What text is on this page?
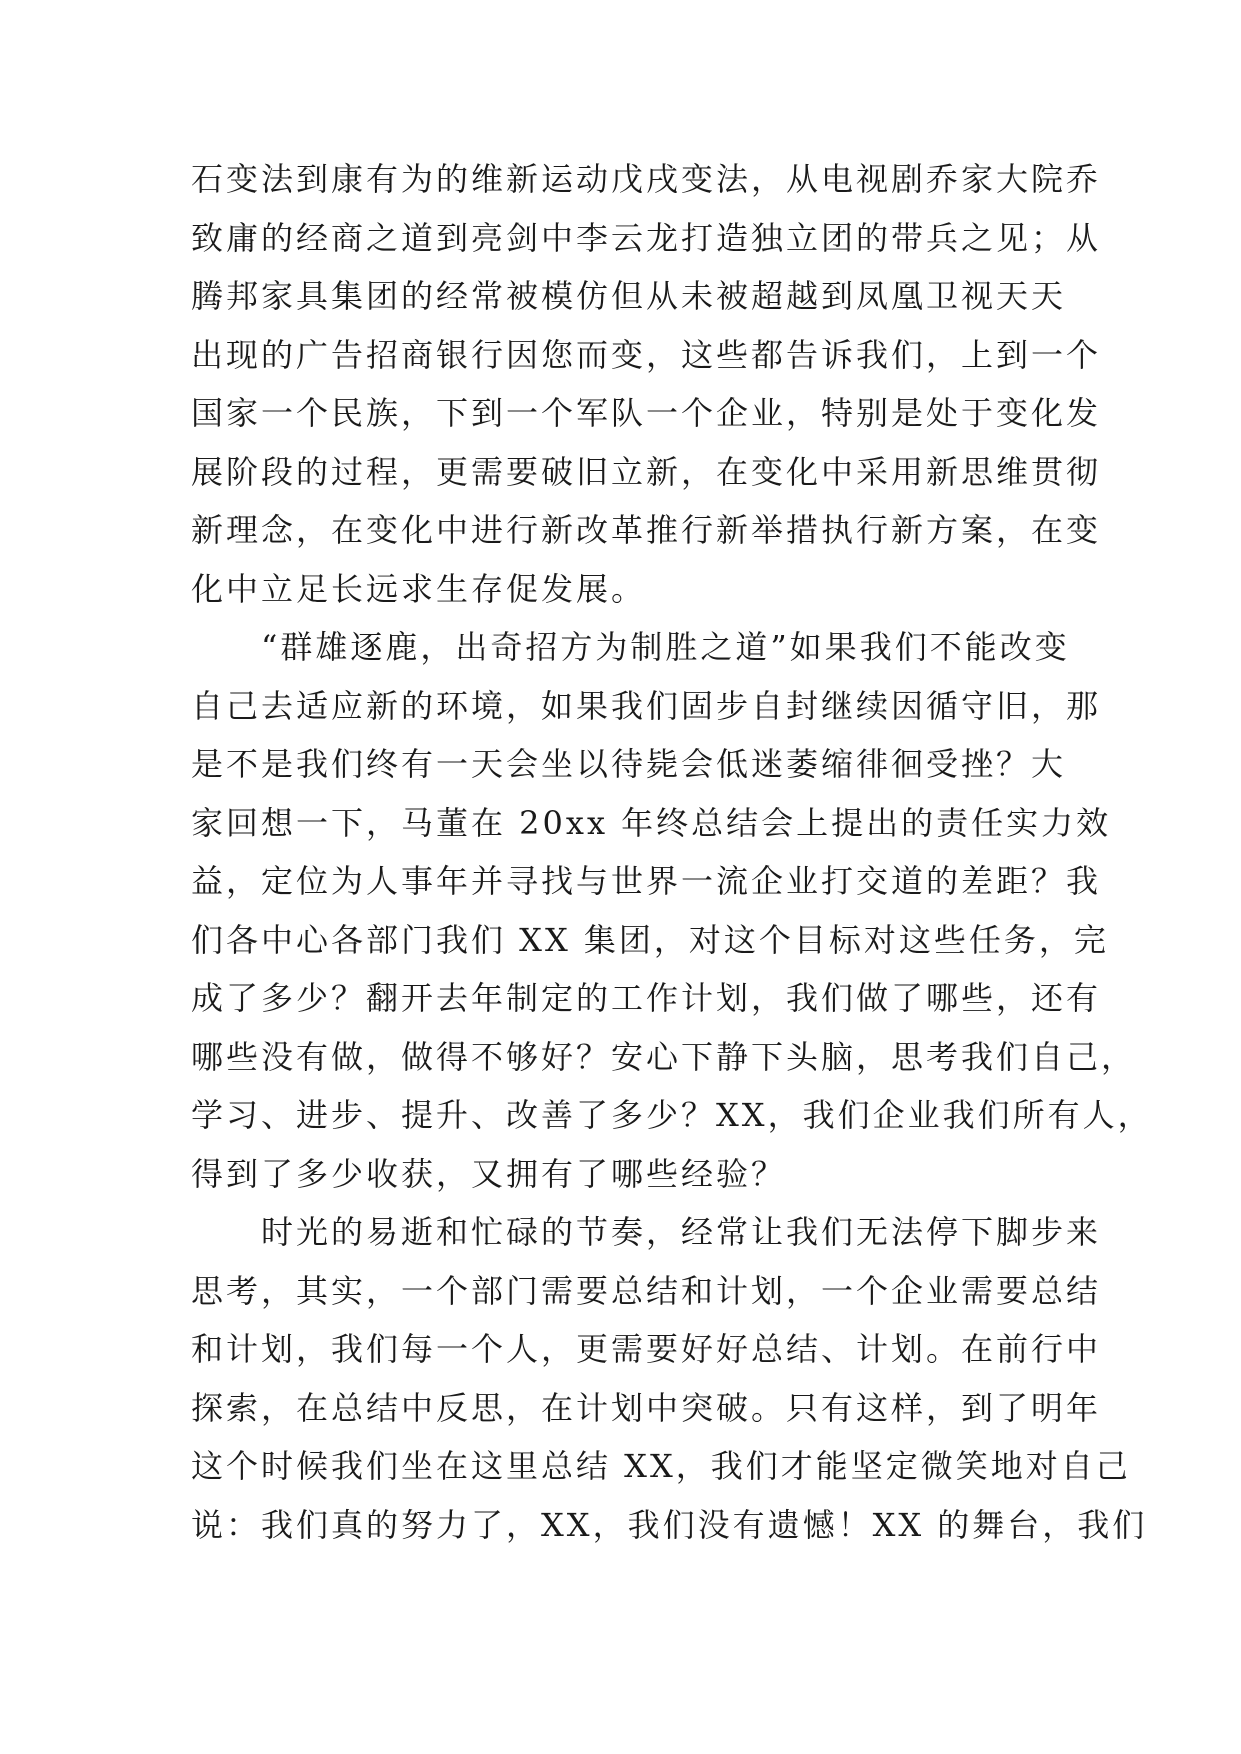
石变法到康有为的维新运动戊戌变法，从电视剧乔家大院乔
致庸的经商之道到亮剑中李云龙打造独立团的带兵之见；从
腾邦家具集团的经常被模仿但从未被超越到凤凰卫视天天
出现的广告招商银行因您而变，这些都告诉我们，上到一个
国家一个民族，下到一个军队一个企业，特别是处于变化发
展阶段的过程，更需要破旧立新，在变化中采用新思维贯彻
新理念，在变化中进行新改革推行新举措执行新方案，在变
化中立足长远求生存促发展。
　　“群雄逐鹿，出奇招方为制胜之道”如果我们不能改变
自己去适应新的环境，如果我们固步自封继续因循守旧，那
是不是我们终有一天会坐以待毙会低迷萎缩徘徊受挫？大
家回想一下，马董在 20xx 年终总结会上提出的责任实力效
益，定位为人事年并寻找与世界一流企业打交道的差距？我
们各中心各部门我们 XX 集团，对这个目标对这些任务，完
成了多少？翻开去年制定的工作计划，我们做了哪些，还有
哪些没有做，做得不够好？安心下静下头脑，思考我们自己，
学习、进步、提升、改善了多少？XX，我们企业我们所有人，
得到了多少收获，又拥有了哪些经验？
　　时光的易逝和忙碌的节奏，经常让我们无法停下脚步来
思考，其实，一个部门需要总结和计划，一个企业需要总结
和计划，我们每一个人，更需要好好总结、计划。在前行中
探索，在总结中反思，在计划中突破。只有这样，到了明年
这个时候我们坐在这里总结 XX，我们才能坚定微笑地对自己
说：我们真的努力了，XX，我们没有遗憾！XX 的舞台，我们
